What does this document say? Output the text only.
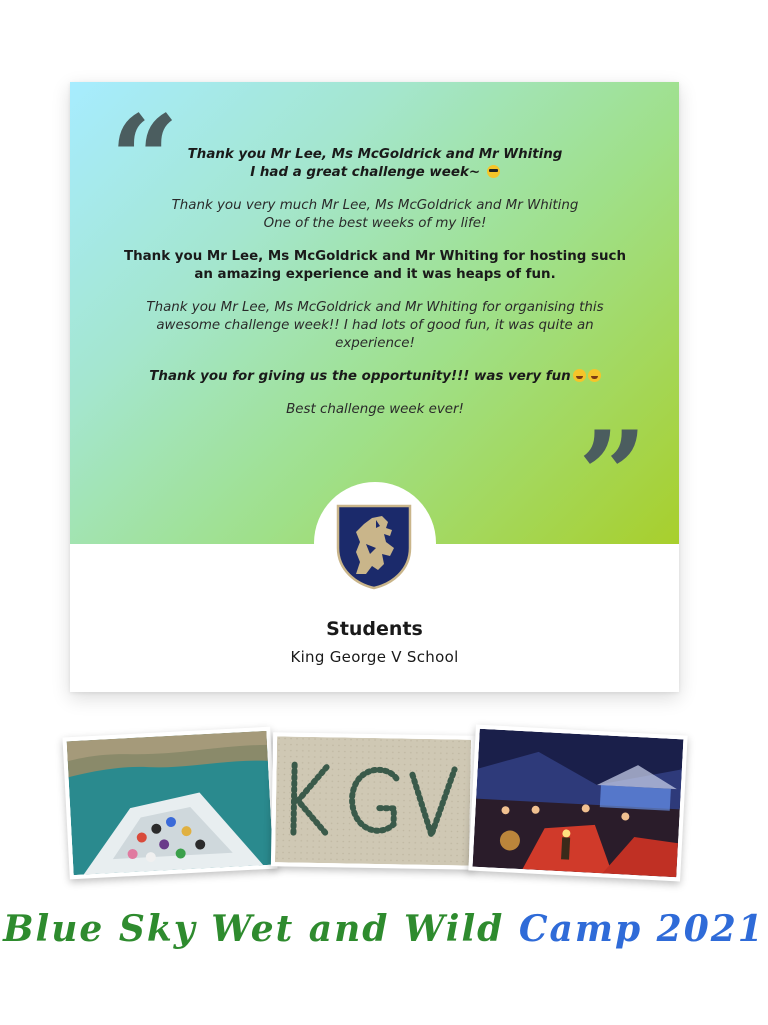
“
”

Thank you Mr Lee, Ms McGoldrick and Mr Whiting
I had a great challenge week~

Thank you very much Mr Lee, Ms McGoldrick and Mr Whiting
One of the best weeks of my life!

Thank you Mr Lee, Ms McGoldrick and Mr Whiting for hosting such
an amazing experience and it was heaps of fun.

Thank you Mr Lee, Ms McGoldrick and Mr Whiting for organising this
awesome challenge week!! I had lots of good fun, it was quite an
experience!

Thank you for giving us the opportunity!!! was very fun

Best challenge week ever!

Students
King George V School
Blue Sky Wet and Wild Camp 2021
